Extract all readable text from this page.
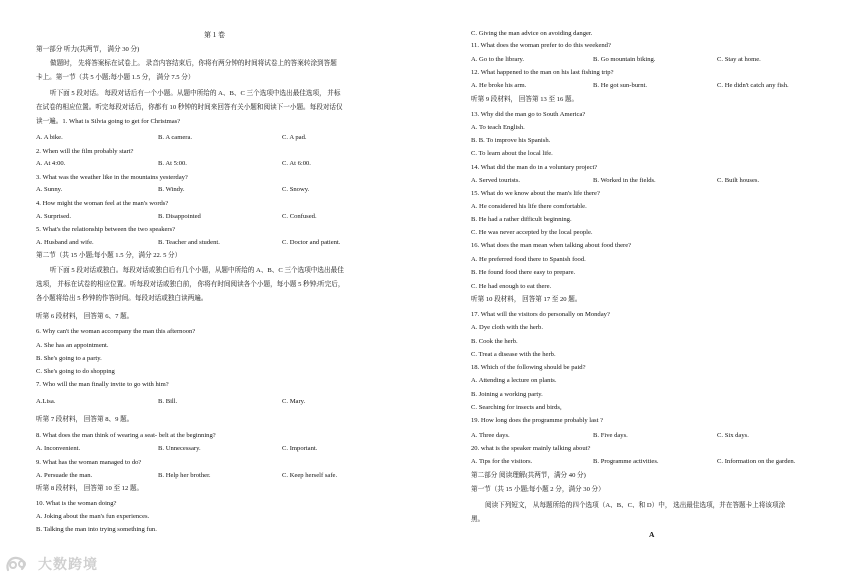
第 1 卷
第一部分 听力(共两节， 满分 30 分)
做题时， 先将答案标在试卷上。 录音内容结束后，你将有两分钟的时间将试卷上的答案转涂到答题
卡上。第一节（共 5 小题;每小题 1.5 分， 满分 7.5 分）
听下面 5 段对话。 每段对话后有一个小题。从题中所给的 A、B、C 三个选项中选出最佳选项， 并标
在试卷的相应位置。听完每段对话后，你都有 10 秒钟的时间来回答有关小题和阅读下一小题。每段对话仅
读一遍。1. What is Silvia going to get for Christmas?
A. A bike.	B. A camera.	C. A pad.
2. When will the film probably start?
A. At 4:00.	B. At 5:00.	C. At 6:00.
3. What was the weather like in the mountains yesterday?
A. Sunny.	B. Windy.	C. Snowy.
4. How might the woman feel at the man's words?
A. Surprised.	B. Disappointed	C. Confused.
5. What's the relationship between the two speakers?
A. Husband and wife.	B. Teacher and student.	C. Doctor and patient.
第二节（共 15 小题;每小题 1.5 分，满分 22. 5 分）
听下面 5 段对话或独白。每段对话或独白后有几个小题，从题中所给的 A、B、C 三个选项中选出最佳
选项， 并标在试卷的相应位置。听每段对话或独白前， 你将有时间阅读各个小题，每小题 5 秒钟;听完后，
各小题将给出 5 秒钟的作答时间。每段对话或独白读两遍。
听第 6 段材料， 回答第 6、7 题。
6. Why can't the woman accompany the man this afternoon?
A. She has an appointment.
B. She's going to a party.
C. She's going to do shopping
7. Who will the man finally invite to go with him?
A.Lisa.	B. Bill.	C. Mary.
听第 7 段材料， 回答第 8、9 题。
8. What does the man think of wearing a seat- belt at the beginning?
A. Inconvenient.	B. Unnecessary.	C. Important.
9. What has the woman managed to do?
A. Persuade the man.	B. Help her brother.	C. Keep herself safe.
听第 8 段材料， 回答第 10 至 12 题。
10. What is the woman doing?
A. Joking about the man's fun experiences.
B. Talking the man into trying something fun.
C. Giving the man advice on avoiding danger.
11. What does the woman prefer to do this weekend?
A. Go to the library.	B. Go mountain biking.	C. Stay at home.
12. What happened to the man on his last fishing trip?
A. He broke his arm.	B. He got sun-burnt.	C. He didn't catch any fish.
听第 9 段材料， 回答第 13 至 16 题。
13. Why did the man go to South America?
A. To teach English.
B. B. To improve his Spanish.
C. To learn about the local life.
14. What did the man do in a voluntary project?
A. Served tourists.	B. Worked in the fields.	C. Built houses.
15. What do we know about the man's life there?
A. He considered his life there comfortable.
B. He had a rather difficult beginning.
C. He was never accepted by the local people.
16. What does the man mean when talking about food there?
A. He preferred food there to Spanish food.
B. He found food there easy to prepare.
C. He had enough to eat there.
听第 10 段材料， 回答第 17 至 20 题。
17. What will the visitors do personally on Monday?
A. Dye cloth with the herb.
B. Cook the herb.
C. Treat a disease with the herb.
18. Which of the following should be paid?
A. Attending a lecture on plants.
B. Joining a working party.
C. Searching for insects and birds,
19. How long does the programme probably last ?
A. Three days.	B. Five days.	C. Six days.
20. what is the speaker mainly talking about?
A. Tips for the visitors.	B. Programme activities.	C. Information on the garden.
第二部分 阅读理解(共两节，满分 40 分)
第一节（共 15 小题;每小题 2 分，满分 30 分）
阅读下列短文， 从每题所给的四个选项（A、B、C、和 D）中， 选出最佳选项，并在答题卡上将该项涂
黑。
A
大数跨境
